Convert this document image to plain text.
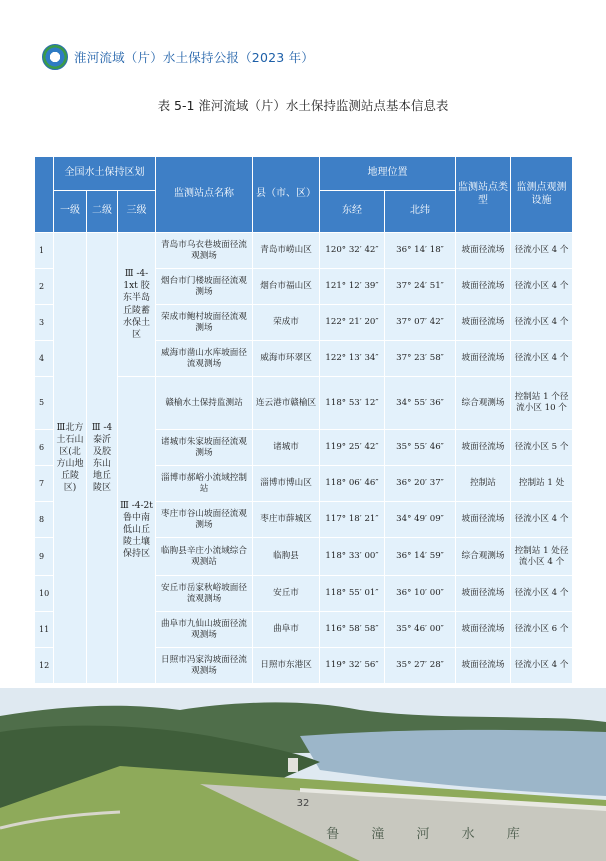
淮河流域（片）水土保持公报（2023 年）
表 5-1 淮河流域（片）水土保持监测站点基本信息表
	全国水土保持区划			监测站点名称	县（市、区）	地理位置		监测站点类型	监测点观测设施
	一级	二级	三级			东经	北纬		
1	Ⅲ北方土石山区(北方山地丘陵区)	Ⅲ -4泰沂及胶东山地丘陵区	Ⅲ -4-1xt 胶东半岛丘陵蓄水保土区	青岛市乌衣巷坡面径流观测场	青岛市崂山区	120° 32′ 42″	36° 14′ 18″	坡面径流场	径流小区 4 个
2				烟台市门楼坡面径流观测场	烟台市福山区	121° 12′ 39″	37° 24′ 51″	坡面径流场	径流小区 4 个
3				荣成市鲍村坡面径流观测场	荣成市	122° 21′ 20″	37° 07′ 42″	坡面径流场	径流小区 4 个
4				威海市凿山水库坡面径流观测场	威海市环翠区	122° 13′ 34″	37° 23′ 58″	坡面径流场	径流小区 4 个
5			Ⅲ -4-2t 鲁中南低山丘陵土壤保持区	赣榆水土保持监测站	连云港市赣榆区	118° 53′ 12″	34° 55′ 36″	综合观测场	控制站 1 个径流小区 10 个
6				诸城市朱家坡面径流观测场	诸城市	119° 25′ 42″	35° 55′ 46″	坡面径流场	径流小区 5 个
7				淄博市郝峪小流域控制站	淄博市博山区	118° 06′ 46″	36° 20′ 37″	控制站	控制站 1 处
8				枣庄市谷山坡面径流观测场	枣庄市薛城区	117° 18′ 21″	34° 49′ 09″	坡面径流场	径流小区 4 个
9				临朐县辛庄小流域综合观测站	临朐县	118° 33′ 00″	36° 14′ 59″	综合观测场	控制站 1 处径流小区 4 个
10				安丘市岳家秋峪坡面径流观测场	安丘市	118° 55′ 01″	36° 10′ 00″	坡面径流场	径流小区 4 个
11				曲阜市九仙山坡面径流观测场	曲阜市	116° 58′ 58″	35° 46′ 00″	坡面径流场	径流小区 6 个
12				日照市冯家沟坡面径流观测场	日照市东港区	119° 32′ 56″	35° 27′ 28″	坡面径流场	径流小区 4 个
鲁 潼 河 水 库
32
